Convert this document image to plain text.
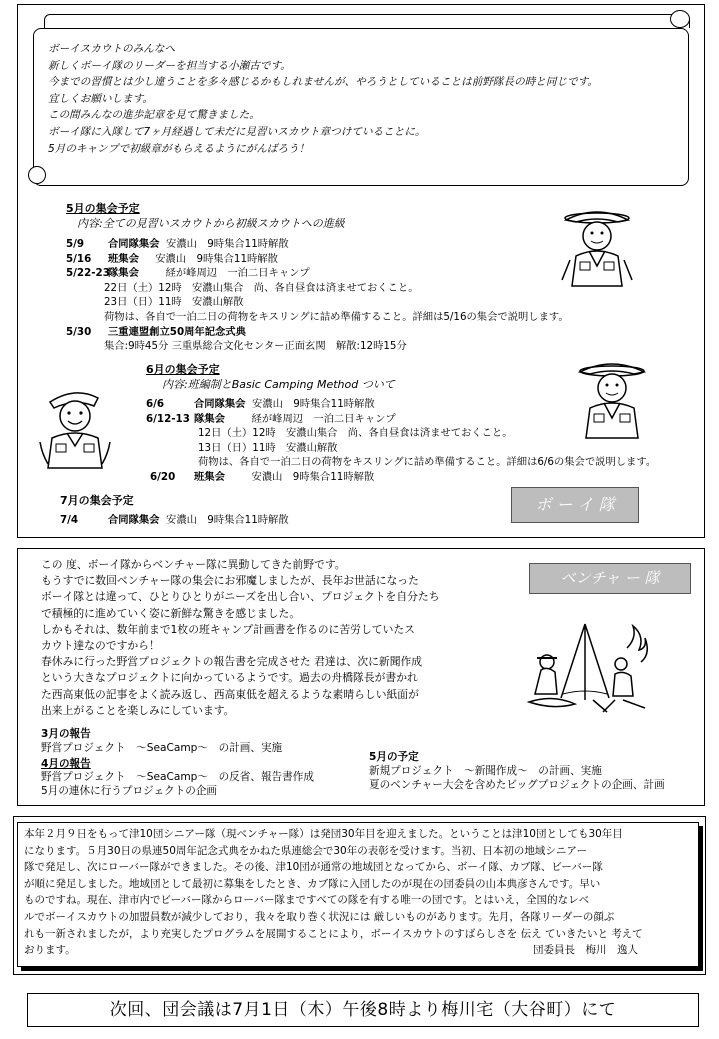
ボーイスカウトのみんなへ
新しくボーイ隊のリーダーを担当する小瀬古です。
今までの習慣とは少し違うことを多々感じるかもしれませんが、やろうとしていることは前野隊長の時と同じです。
宜しくお願いします。
この間みんなの進歩記章を見て驚きました。
ボーイ隊に入隊して7ヶ月経過して未だに見習いスカウト章つけていることに。
5月のキャンプで初級章がもらえるようにがんばろう！
5月の集会予定
内容:全ての見習いスカウトから初級スカウトへの進級
5/9 合同隊集会 安濃山　9時集合11時解散
5/16 班集会 安濃山　9時集合11時解散
5/22-23隊集会     　経が峰周辺　一泊二日キャンプ
22日（土）12時　安濃山集合　尚、各自昼食は済ませておくこと。
23日（日）11時　安濃山解散
荷物は、各自で一泊二日の荷物をキスリングに詰め準備すること。詳細は5/16の集会で説明します。
5/30 三重連盟創立50周年記念式典
集合:9時45分 三重県総合文化センター正面玄関　解散:12時15分
6月の集会予定
内容:班編制とBasic Camping Method ついて
6/6	合同隊集会 安濃山　9時集合11時解散
6/12-13 隊集会     　経が峰周辺　一泊二日キャンプ
12日（土）12時　安濃山集合　尚、各自昼食は済ませておくこと。
13日（日）11時　安濃山解散
荷物は、各自で一泊二日の荷物をキスリングに詰め準備すること。詳細は6/6の集会で説明します。
6/20 班集会     　安濃山　9時集合11時解散
7月の集会予定
7/4	合同隊集会 安濃山　9時集合11時解散
ボ ー イ 隊
ベンチャ ー 隊
この 度、ボーイ隊からベンチャー隊に異動してきた前野です。
もうすでに数回ベンチャー隊の集会にお邪魔しましたが、長年お世話になった
ボーイ隊とは違って、ひとりひとりがニーズを出し合い、プロジェクトを自分たち
で積極的に進めていく姿に新鮮な驚きを感じました。
しかもそれは、数年前まで1枚の班キャンプ計画書を作るのに苦労していたス
カウト達なのですから！
春休みに行った野営プロジェクトの報告書を完成させた 君達は、次に新聞作成
という大きなプロジェクトに向かっているようです。過去の舟橋隊長が書かれ
た西高東低の記事をよく読み返し、西高東低を超えるような素晴らしい紙面が
出来上がることを楽しみにしています。
3月の報告
野営プロジェクト　～SeaCamp～　の計画、実施
4月の報告
野営プロジェクト　～SeaCamp～　の反省、報告書作成
5月の連休に行うプロジェクトの企画
5月の予定
新規プロジェクト　～新聞作成～　の計画、実施
夏のベンチャー大会を含めたビッグプロジェクトの企画、計画
本年２月９日をもって津10団シニアー隊（現ベンチャー隊）は発団30年目を迎えました。ということは津10団としても30年目
になります。５月30日の県連50周年記念式典をかねた県連総会で30年の表彰を受けます。当初、日本初の地域シニアー
隊で発足し、次にローバー隊ができました。その後、津10団が通常の地域団となってから、ボーイ隊、カブ隊、ビーバー隊
が順に発足しました。地域団として最初に募集をしたとき、カブ隊に入団したのが現在の団委員の山本典彦さんです。早い
ものですね。現在、津市内でビーバー隊からローバー隊まですべての隊を有する唯一の団です。とはいえ，全国的なレベ
ルでボーイスカウトの加盟員数が減少しており，我々を取り巻く状況には 厳しいものがあります。先月，各隊リーダーの顔ぶ
れも一新されましたが，より充実したプログラムを展開することにより，ボーイスカウトのすばらしさを 伝え ていきたいと 考えて
おります。	団委員長　梅川　逸人
次回、団会議は7月1日（木）午後8時より梅川宅（大谷町）にて
